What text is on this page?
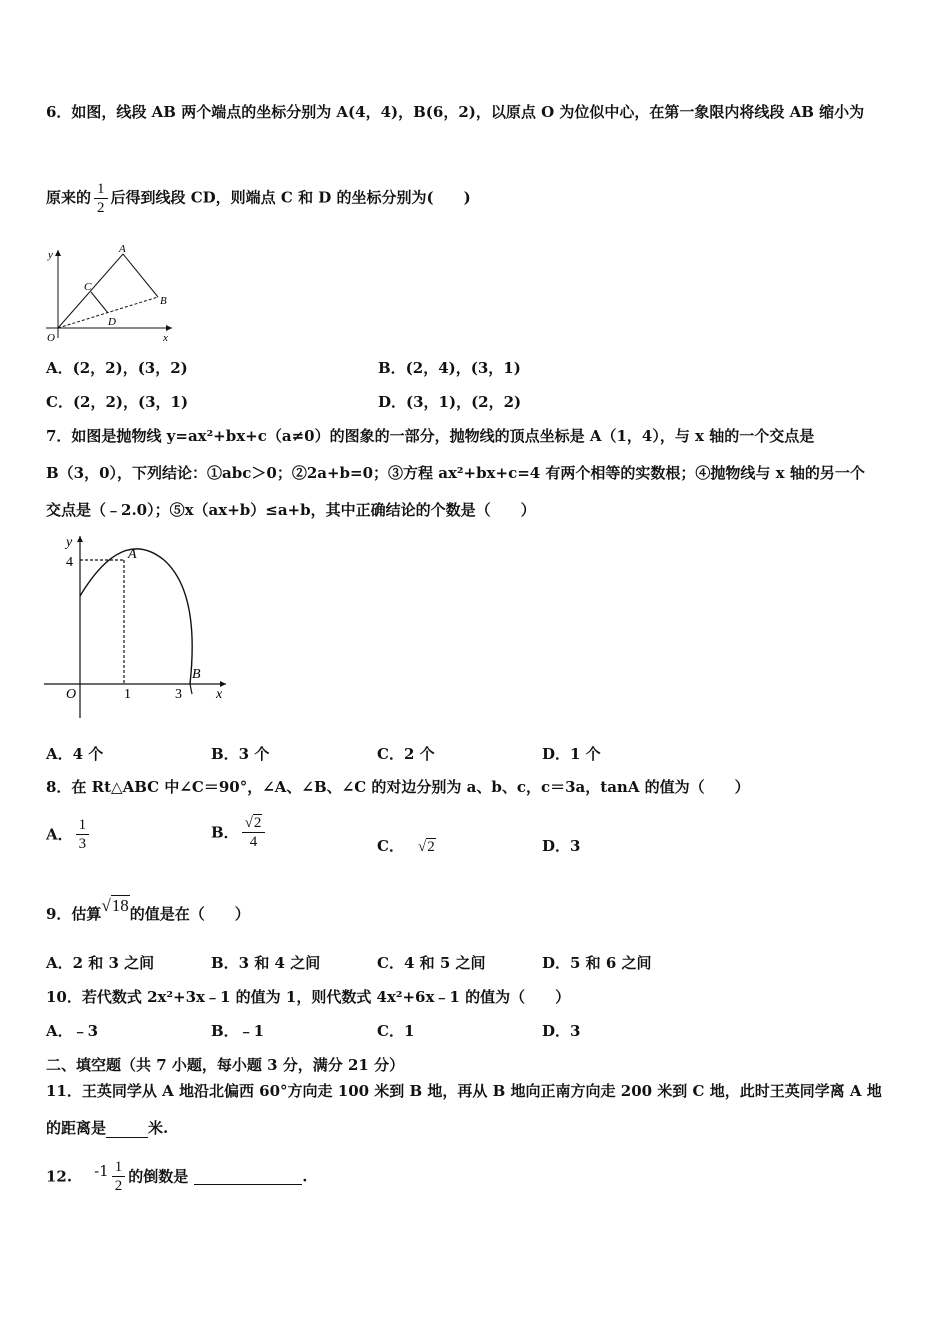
6．如图，线段 AB 两个端点的坐标分别为 A(4，4)，B(6，2)，以原点 O 为位似中心，在第一象限内将线段 AB 缩小为
原来的 $\frac{1}{2}$ 后得到线段 CD，则端点 C 和 D 的坐标分别为(　　)
y	A
C
B
D
O	x
A．(2，2)，(3，2)	B．(2，4)，(3，1)
C．(2，2)，(3，1)	D．(3，1)，(2，2)
7．如图是抛物线 y=ax²+bx+c（a≠0）的图象的一部分，抛物线的顶点坐标是 A（1，4），与 x 轴的一个交点是
B（3，0），下列结论：①abc＞0；②2a+b=0；③方程 ax²+bx+c=4 有两个相等的实数根；④抛物线与 x 轴的另一个
交点是（﹣2.0）；⑤x（ax+b）≤a+b，其中正确结论的个数是（　　）
y
4
A
B
O	1	3 x
A．4 个	B．3 个	C．2 个	D．1 个
8．在 Rt△ABC 中∠C＝90°，∠A、∠B、∠C 的对边分别为 a、b、c，c＝3a，tanA 的值为（　　）
A． $\frac{1}{3}$	B． $\frac{√2}{4}$	C． √2	D．3
9．估算√18的值是在（　　）
A．2 和 3 之间	B．3 和 4 之间	C．4 和 5 之间	D．5 和 6 之间
10．若代数式 2x²+3x﹣1 的值为 1，则代数式 4x²+6x﹣1 的值为（　　）
A．﹣3	B．﹣1	C．1	D．3
二、填空题（共 7 小题，每小题 3 分，满分 21 分）
11．王英同学从 A 地沿北偏西 60°方向走 100 米到 B 地，再从 B 地向正南方向走 200 米到 C 地，此时王英同学离 A 地
的距离是	米.
12. $-1 \frac{1}{2}$ 的倒数是	.
